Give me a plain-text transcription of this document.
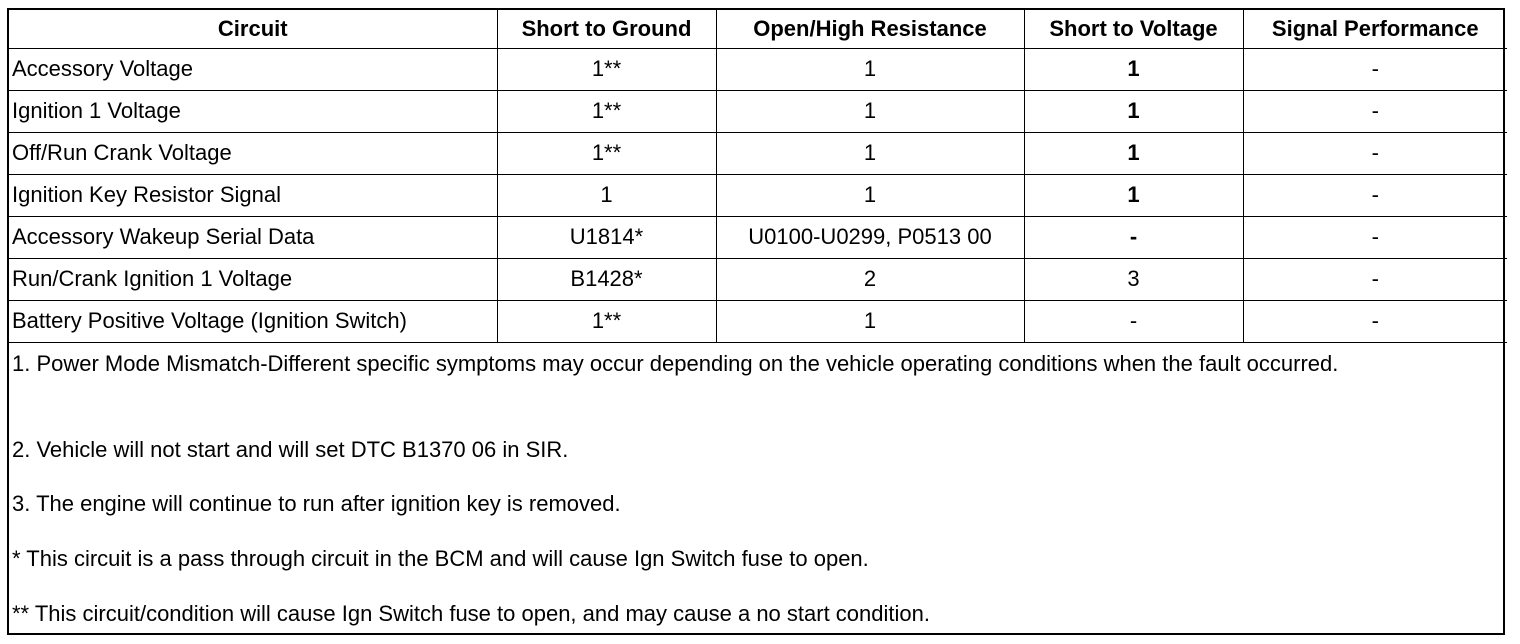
Circuit	Short to Ground	Open/High Resistance	Short to Voltage	Signal Performance
Accessory Voltage	1**	1	1	-
Ignition 1 Voltage	1**	1	1	-
Off/Run Crank Voltage	1**	1	1	-
Ignition Key Resistor Signal	1	1	1	-
Accessory Wakeup Serial Data	U1814*	U0100-U0299, P0513 00	-	-
Run/Crank Ignition 1 Voltage	B1428*	2	3	-
Battery Positive Voltage (Ignition Switch)	1**	1	-	-

1. Power Mode Mismatch-Different specific symptoms may occur depending on the vehicle operating conditions when the fault occurred.

2. Vehicle will not start and will set DTC B1370 06 in SIR.

3. The engine will continue to run after ignition key is removed.

* This circuit is a pass through circuit in the BCM and will cause Ign Switch fuse to open.

** This circuit/condition will cause Ign Switch fuse to open, and may cause a no start condition.
